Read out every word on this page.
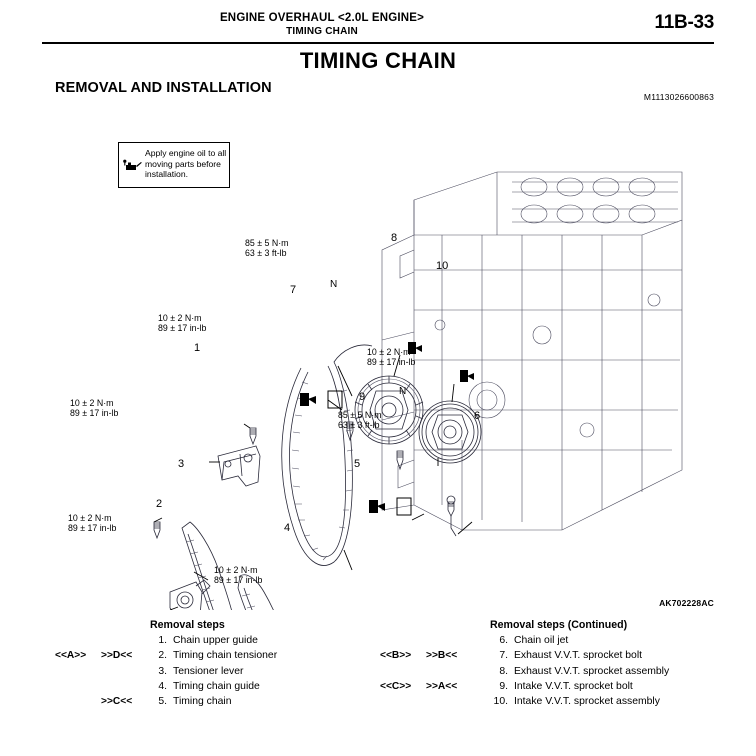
ENGINE OVERHAUL <2.0L ENGINE>
TIMING CHAIN	11B-33
TIMING CHAIN
REMOVAL AND INSTALLATION
M1113026600863
Apply engine oil to all moving parts before installation.
1
2
3
4
5
6
7
8
9
10
N
N
10 ± 2 N·m
89 ± 17 in-lb
10 ± 2 N·m
89 ± 17 in-lb
10 ± 2 N·m
89 ± 17 in-lb
10 ± 2 N·m
89 ± 17 in-lb
85 ± 5 N·m
63 ± 3 ft-lb
85 ± 5 N·m
63 ± 3 ft-lb
10 ± 2 N·m
89 ± 17 in-lb
AK702228AC
Removal steps
1. Chain upper guide
<<A>> >>D<<	2. Timing chain tensioner
3. Tensioner lever
4. Timing chain guide
>>C<<	5. Timing chain
Removal steps (Continued)
6. Chain oil jet
<<B>> >>B<<	7. Exhaust V.V.T. sprocket bolt
8. Exhaust V.V.T. sprocket assembly
<<C>> >>A<<	9. Intake V.V.T. sprocket bolt
10. Intake V.V.T. sprocket assembly
